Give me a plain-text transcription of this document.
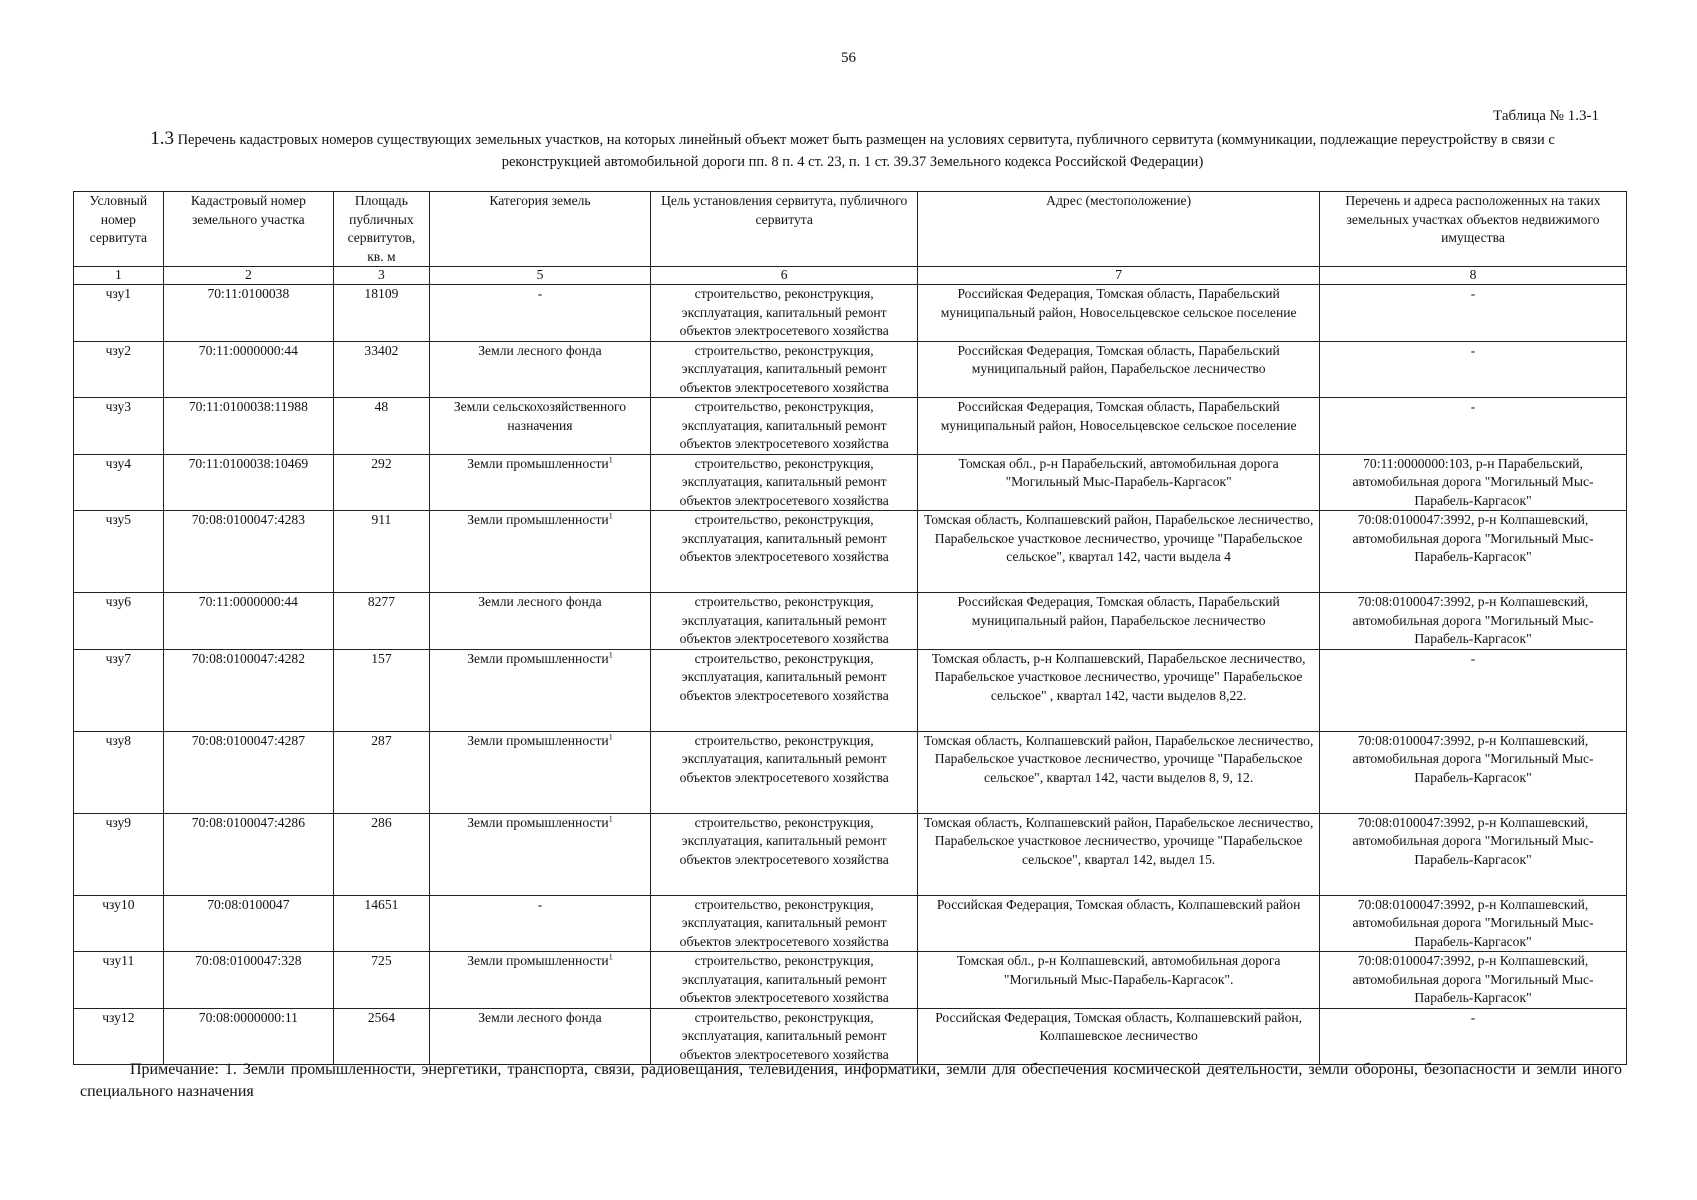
56
Таблица № 1.3-1
1.3 Перечень кадастровых номеров существующих земельных участков, на которых линейный объект может быть размещен на условиях сервитута, публичного сервитута (коммуникации, подлежащие переустройству в связи с реконструкцией автомобильной дороги пп. 8 п. 4 ст. 23, п. 1 ст. 39.37 Земельного кодекса Российской Федерации)
Условный номер сервитута	Кадастровый номер земельного участка	Площадь публичных сервитутов, кв. м	Категория земель	Цель установления сервитута, публичного сервитута	Адрес (местоположение)	Перечень и адреса расположенных на таких земельных участках объектов недвижимого имущества
1	2	3	5	6	7	8
чзу1	70:11:0100038	18109	-	строительство, реконструкция, эксплуатация, капитальный ремонт объектов электросетевого хозяйства	Российская Федерация, Томская область, Парабельский муниципальный район, Новосельцевское сельское поселение	-
чзу2	70:11:0000000:44	33402	Земли лесного фонда	строительство, реконструкция, эксплуатация, капитальный ремонт объектов электросетевого хозяйства	Российская Федерация, Томская область, Парабельский муниципальный район, Парабельское лесничество	-
чзу3	70:11:0100038:11988	48	Земли сельскохозяйственного назначения	строительство, реконструкция, эксплуатация, капитальный ремонт объектов электросетевого хозяйства	Российская Федерация, Томская область, Парабельский муниципальный район, Новосельцевское сельское поселение	-
чзу4	70:11:0100038:10469	292	Земли промышленности$^1$	строительство, реконструкция, эксплуатация, капитальный ремонт объектов электросетевого хозяйства	Томская обл., р-н Парабельский, автомобильная дорога "Могильный Мыс-Парабель-Каргасок"	70:11:0000000:103, р-н Парабельский, автомобильная дорога "Могильный Мыс-Парабель-Каргасок"
чзу5	70:08:0100047:4283	911	Земли промышленности$^1$	строительство, реконструкция, эксплуатация, капитальный ремонт объектов электросетевого хозяйства	Томская область, Колпашевский район, Парабельское лесничество, Парабельское участковое лесничество, урочище "Парабельское сельское", квартал 142, части выдела 4	70:08:0100047:3992, р-н Колпашевский, автомобильная дорога "Могильный Мыс-Парабель-Каргасок"
чзу6	70:11:0000000:44	8277	Земли лесного фонда	строительство, реконструкция, эксплуатация, капитальный ремонт объектов электросетевого хозяйства	Российская Федерация, Томская область, Парабельский муниципальный район, Парабельское лесничество	70:08:0100047:3992, р-н Колпашевский, автомобильная дорога "Могильный Мыс-Парабель-Каргасок"
чзу7	70:08:0100047:4282	157	Земли промышленности$^1$	строительство, реконструкция, эксплуатация, капитальный ремонт объектов электросетевого хозяйства	Томская область, р-н Колпашевский, Парабельское лесничество, Парабельское участковое лесничество, урочище" Парабельское сельское" , квартал 142, части выделов 8,22.	-
чзу8	70:08:0100047:4287	287	Земли промышленности$^1$	строительство, реконструкция, эксплуатация, капитальный ремонт объектов электросетевого хозяйства	Томская область, Колпашевский район, Парабельское лесничество, Парабельское участковое лесничество, урочище "Парабельское сельское", квартал 142, части выделов 8, 9, 12.	70:08:0100047:3992, р-н Колпашевский, автомобильная дорога "Могильный Мыс-Парабель-Каргасок"
чзу9	70:08:0100047:4286	286	Земли промышленности$^1$	строительство, реконструкция, эксплуатация, капитальный ремонт объектов электросетевого хозяйства	Томская область, Колпашевский район, Парабельское лесничество, Парабельское участковое лесничество, урочище "Парабельское сельское", квартал 142, выдел 15.	70:08:0100047:3992, р-н Колпашевский, автомобильная дорога "Могильный Мыс-Парабель-Каргасок"
чзу10	70:08:0100047	14651	-	строительство, реконструкция, эксплуатация, капитальный ремонт объектов электросетевого хозяйства	Российская Федерация, Томская область, Колпашевский район	70:08:0100047:3992, р-н Колпашевский, автомобильная дорога "Могильный Мыс-Парабель-Каргасок"
чзу11	70:08:0100047:328	725	Земли промышленности$^1$	строительство, реконструкция, эксплуатация, капитальный ремонт объектов электросетевого хозяйства	Томская обл., р-н Колпашевский, автомобильная дорога "Могильный Мыс-Парабель-Каргасок".	70:08:0100047:3992, р-н Колпашевский, автомобильная дорога "Могильный Мыс-Парабель-Каргасок"
чзу12	70:08:0000000:11	2564	Земли лесного фонда	строительство, реконструкция, эксплуатация, капитальный ремонт объектов электросетевого хозяйства	Российская Федерация, Томская область, Колпашевский район, Колпашевское лесничество	-
Примечание: 1. Земли промышленности, энергетики, транспорта, связи, радиовещания, телевидения, информатики, земли для обеспечения космической деятельности, земли обороны, безопасности и земли иного специального назначения
